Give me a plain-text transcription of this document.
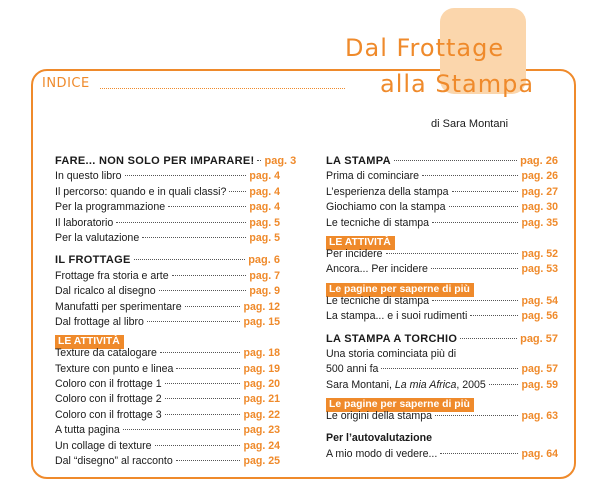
INDICE
Dal Frottage
alla Stampa
di Sara Montani
FARE... NON SOLO PER IMPARARE! pag. 3
In questo libro	pag. 4
Il percorso: quando e in quali classi? pag. 4
Per la programmazione	pag. 4
Il laboratorio	pag. 5
Per la valutazione	pag. 5
IL FROTTAGE	pag. 6
Frottage fra storia e arte	pag. 7
Dal ricalco al disegno	pag. 9
Manufatti per sperimentare	pag. 12
Dal frottage al libro	pag. 15
LE ATTIVITÀ
Texture da catalogare	pag. 18
Texture con punto e linea	pag. 19
Coloro con il frottage 1	pag. 20
Coloro con il frottage 2	pag. 21
Coloro con il frottage 3	pag. 22
A tutta pagina	pag. 23
Un collage di texture	pag. 24
Dal “disegno” al racconto	pag. 25
LA STAMPA	pag. 26
Prima di cominciare	pag. 26
L’esperienza della stampa	pag. 27
Giochiamo con la stampa	pag. 30
Le tecniche di stampa	pag. 35
LE ATTIVITÀ
Per incidere	pag. 52
Ancora... Per incidere	pag. 53
Le pagine per saperne di più
Le tecniche di stampa	pag. 54
La stampa... e i suoi rudimenti	pag. 56
LA STAMPA A TORCHIO	pag. 57
Una storia cominciata più di
500 anni fa	pag. 57
Sara Montani, La mia Africa, 2005	pag. 59
Le pagine per saperne di più
Le origini della stampa	pag. 63
Per l’autovalutazione
A mio modo di vedere...	pag. 64
